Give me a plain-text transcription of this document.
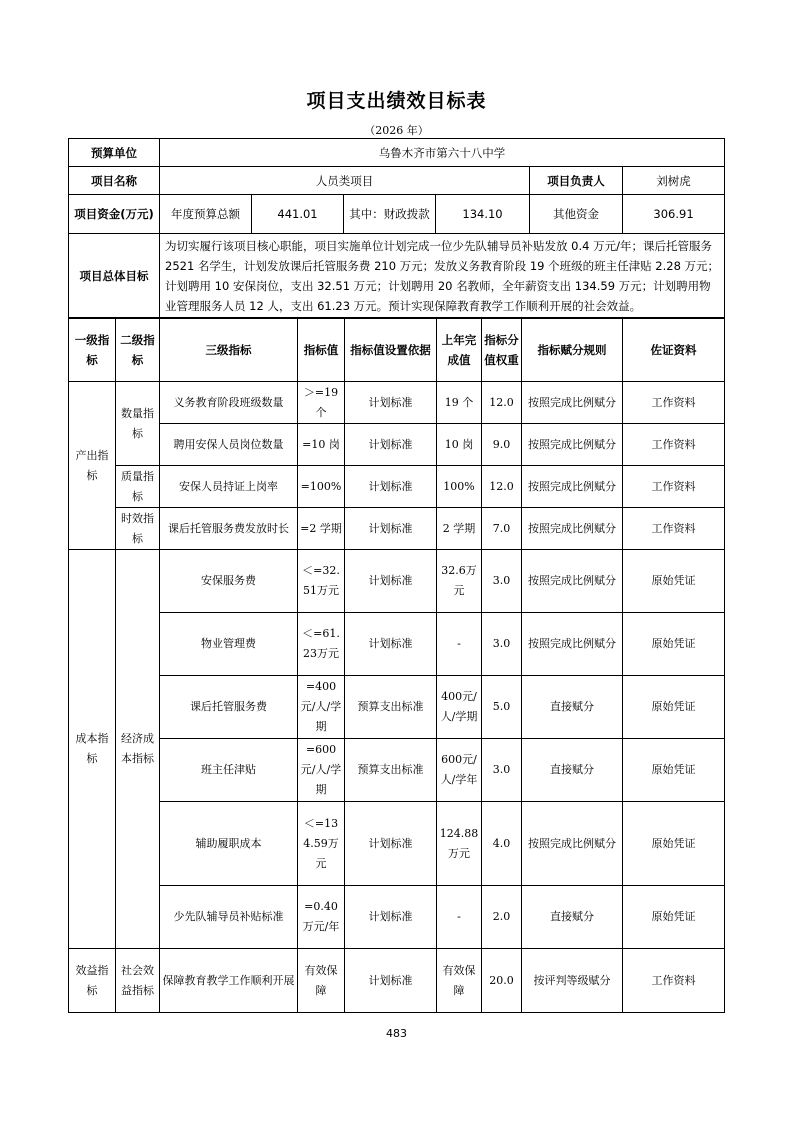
项目支出绩效目标表
（2026 年）
预算单位	乌鲁木齐市第六十八中学					
项目名称	人员类项目				项目负责人	刘树虎
项目资金(万元)	年度预算总额	441.01	其中：财政拨款	134.10	其他资金	306.91
项目总体目标	为切实履行该项目核心职能，项目实施单位计划完成一位少先队辅导员补贴发放 0.4 万元/年；课后托管服务 2521 名学生，计划发放课后托管服务费 210 万元；发放义务教育阶段 19 个班级的班主任津贴 2.28 万元；计划聘用 10 安保岗位，支出 32.51 万元；计划聘用 20 名教师，全年薪资支出 134.59 万元；计划聘用物业管理服务人员 12 人，支出 61.23 万元。预计实现保障教育教学工作顺利开展的社会效益。					
一级指标	二级指标	三级指标	指标值	指标值设置依据	上年完成值	指标分值权重	指标赋分规则	佐证资料
产出指标	数量指标	义务教育阶段班级数量	＞=19个	计划标准	19 个	12.0	按照完成比例赋分	工作资料
		聘用安保人员岗位数量	=10 岗	计划标准	10 岗	9.0	按照完成比例赋分	工作资料
	质量指标	安保人员持证上岗率	=100%	计划标准	100%	12.0	按照完成比例赋分	工作资料
	时效指标	课后托管服务费发放时长	=2 学期	计划标准	2 学期	7.0	按照完成比例赋分	工作资料
成本指标	经济成本指标	安保服务费	＜=32.51万元	计划标准	32.6万元	3.0	按照完成比例赋分	原始凭证
		物业管理费	＜=61.23万元	计划标准	-	3.0	按照完成比例赋分	原始凭证
		课后托管服务费	=400元/人/学期	预算支出标准	400元/人/学期	5.0	直接赋分	原始凭证
		班主任津贴	=600元/人/学期	预算支出标准	600元/人/学年	3.0	直接赋分	原始凭证
		辅助履职成本	＜=134.59万元	计划标准	124.88万元	4.0	按照完成比例赋分	原始凭证
		少先队辅导员补贴标准	=0.40万元/年	计划标准	-	2.0	直接赋分	原始凭证
效益指标	社会效益指标	保障教育教学工作顺利开展	有效保障	计划标准	有效保障	20.0	按评判等级赋分	工作资料
483
